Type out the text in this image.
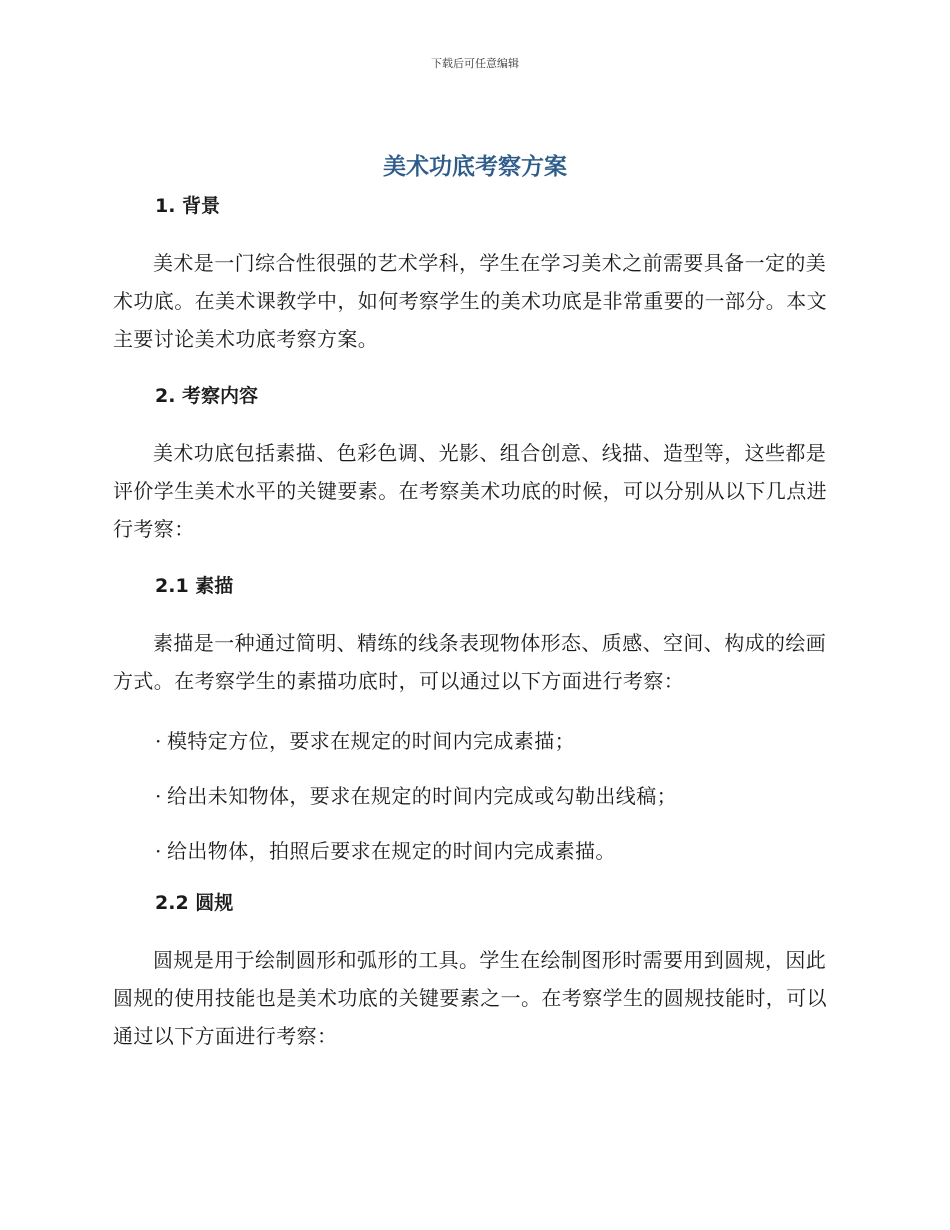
下载后可任意编辑
美术功底考察方案
1. 背景

美术是一门综合性很强的艺术学科，学生在学习美术之前需要具备一定的美术功底。在美术课教学中，如何考察学生的美术功底是非常重要的一部分。本文主要讨论美术功底考察方案。

2. 考察内容

美术功底包括素描、色彩色调、光影、组合创意、线描、造型等，这些都是评价学生美术水平的关键要素。在考察美术功底的时候，可以分别从以下几点进行考察：

2.1 素描

素描是一种通过简明、精练的线条表现物体形态、质感、空间、构成的绘画方式。在考察学生的素描功底时，可以通过以下方面进行考察：

· 模特定方位，要求在规定的时间内完成素描；
· 给出未知物体，要求在规定的时间内完成或勾勒出线稿；
· 给出物体，拍照后要求在规定的时间内完成素描。
2.2 圆规

圆规是用于绘制圆形和弧形的工具。学生在绘制图形时需要用到圆规，因此圆规的使用技能也是美术功底的关键要素之一。在考察学生的圆规技能时，可以通过以下方面进行考察：
